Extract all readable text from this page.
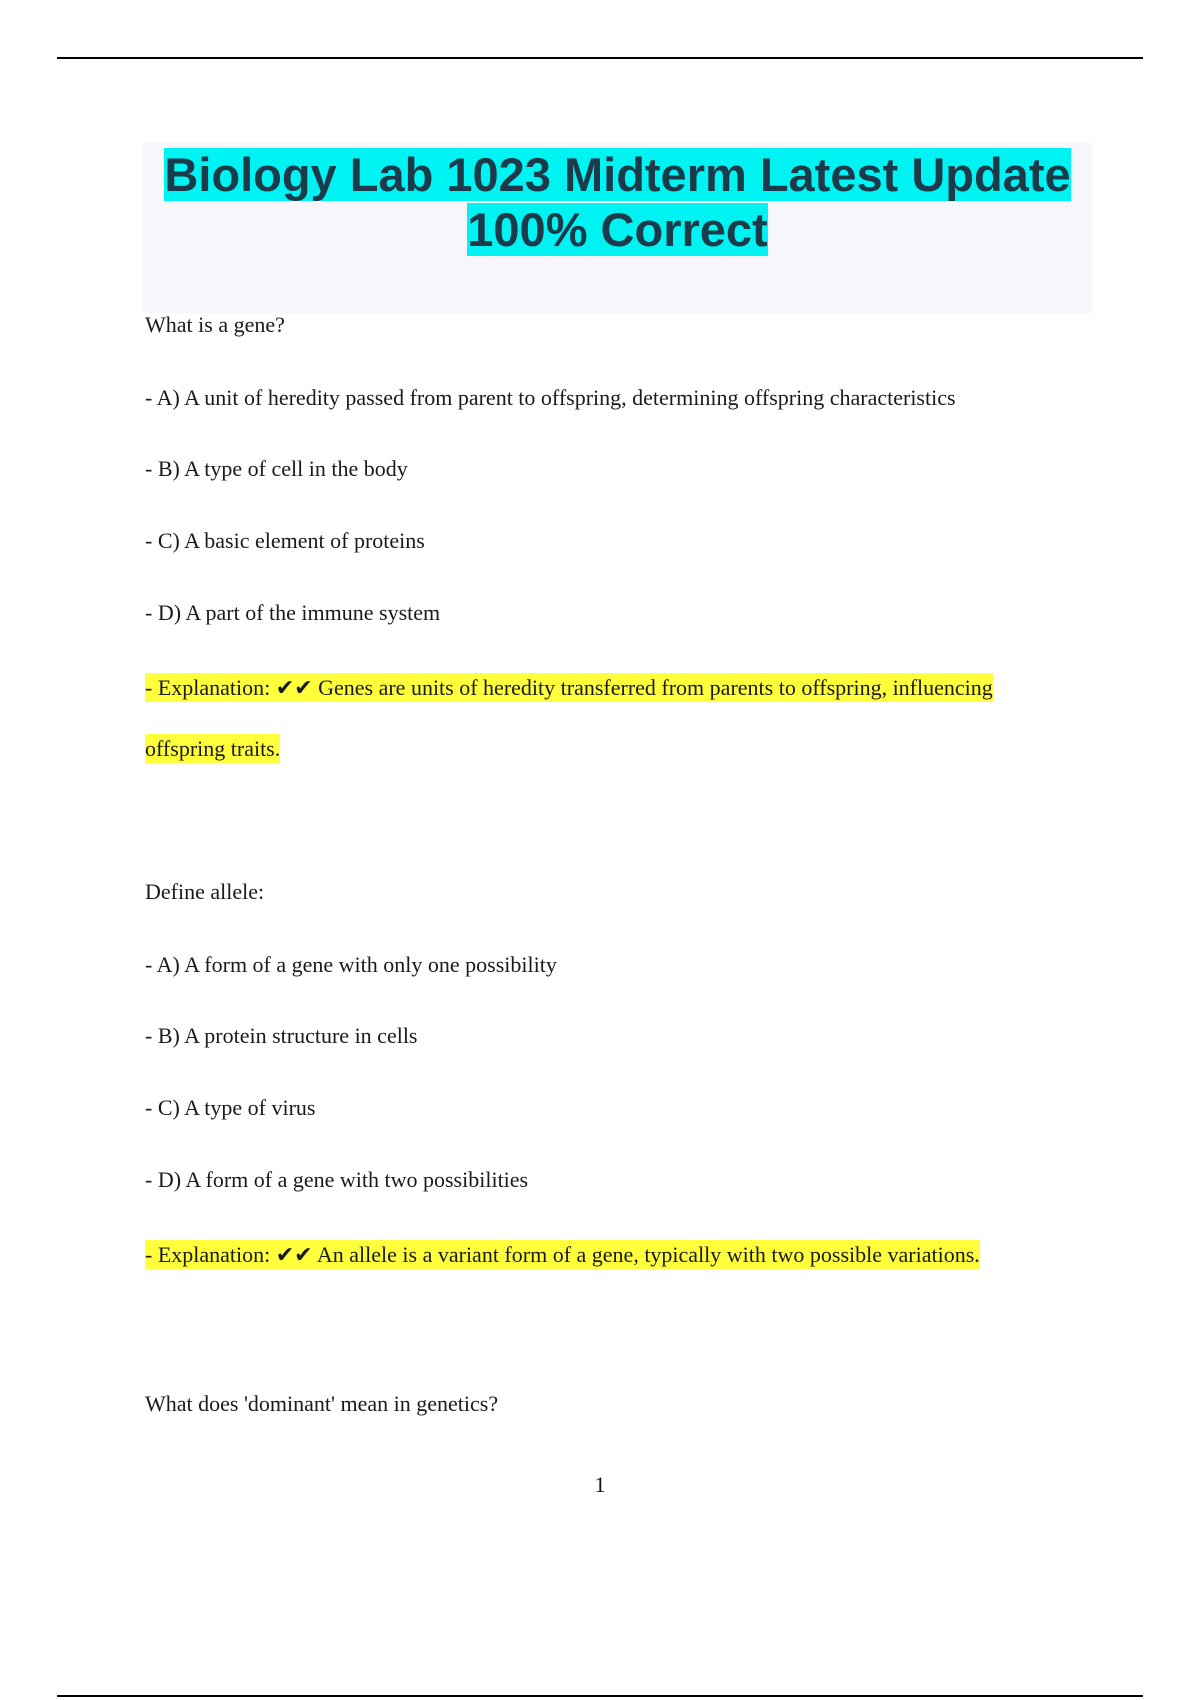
Biology Lab 1023 Midterm Latest Update
100% Correct
What is a gene?
- A) A unit of heredity passed from parent to offspring, determining offspring characteristics
- B) A type of cell in the body
- C) A basic element of proteins
- D) A part of the immune system
- Explanation: ✔✔ Genes are units of heredity transferred from parents to offspring, influencing
offspring traits.
Define allele:
- A) A form of a gene with only one possibility
- B) A protein structure in cells
- C) A type of virus
- D) A form of a gene with two possibilities
- Explanation: ✔✔ An allele is a variant form of a gene, typically with two possible variations.
What does 'dominant' mean in genetics?
1
